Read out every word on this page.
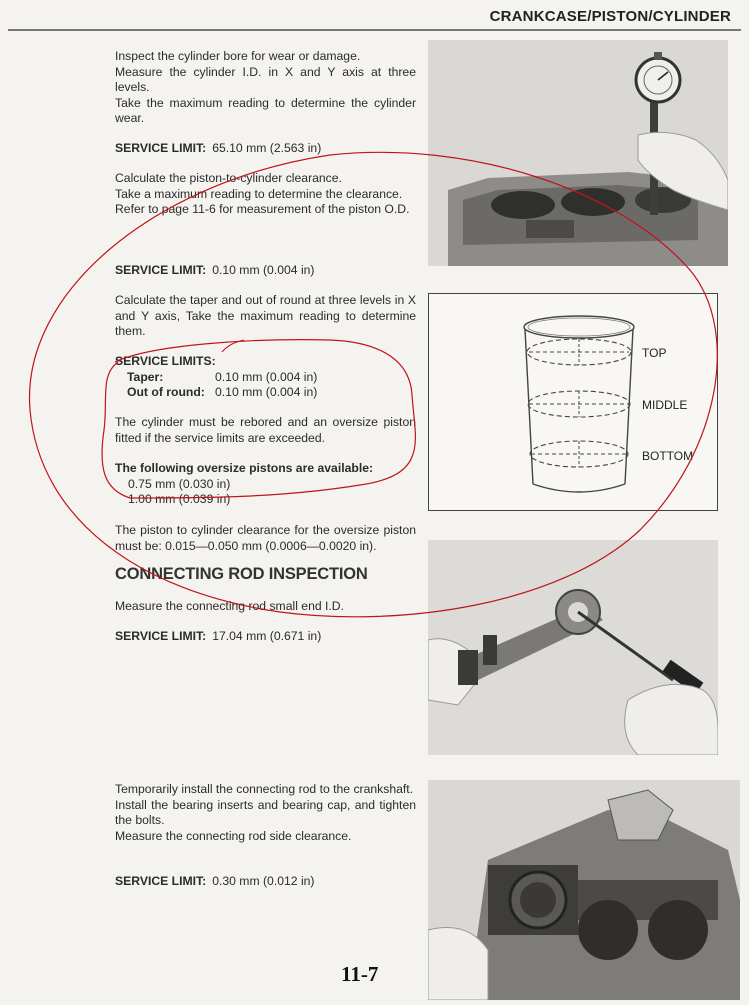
CRANKCASE/PISTON/CYLINDER
Inspect the cylinder bore for wear or damage.
Measure the cylinder I.D. in X and Y axis at three levels.
Take the maximum reading to determine the cylinder wear.
SERVICE LIMIT: 65.10 mm (2.563 in)
Calculate the piston-to-cylinder clearance.
Take a maximum reading to determine the clearance.
Refer to page 11-6 for measurement of the piston O.D.
SERVICE LIMIT: 0.10 mm (0.004 in)
Calculate the taper and out of round at three levels in X and Y axis, Take the maximum reading to determine them.
SERVICE LIMITS:
Taper:	0.10 mm (0.004 in)
Out of round: 0.10 mm (0.004 in)
The cylinder must be rebored and an oversize piston fitted if the service limits are exceeded.
The following oversize pistons are available:
0.75 mm (0.030 in)
1.00 mm (0.039 in)
The piston to cylinder clearance for the oversize piston must be: 0.015—0.050 mm (0.0006—0.0020 in).
CONNECTING ROD INSPECTION
Measure the connecting rod small end I.D.
SERVICE LIMIT: 17.04 mm (0.671 in)
Temporarily install the connecting rod to the crankshaft.
Install the bearing inserts and bearing cap, and tighten the bolts.
Measure the connecting rod side clearance.
SERVICE LIMIT: 0.30 mm (0.012 in)
TOP
MIDDLE
BOTTOM
11-7
